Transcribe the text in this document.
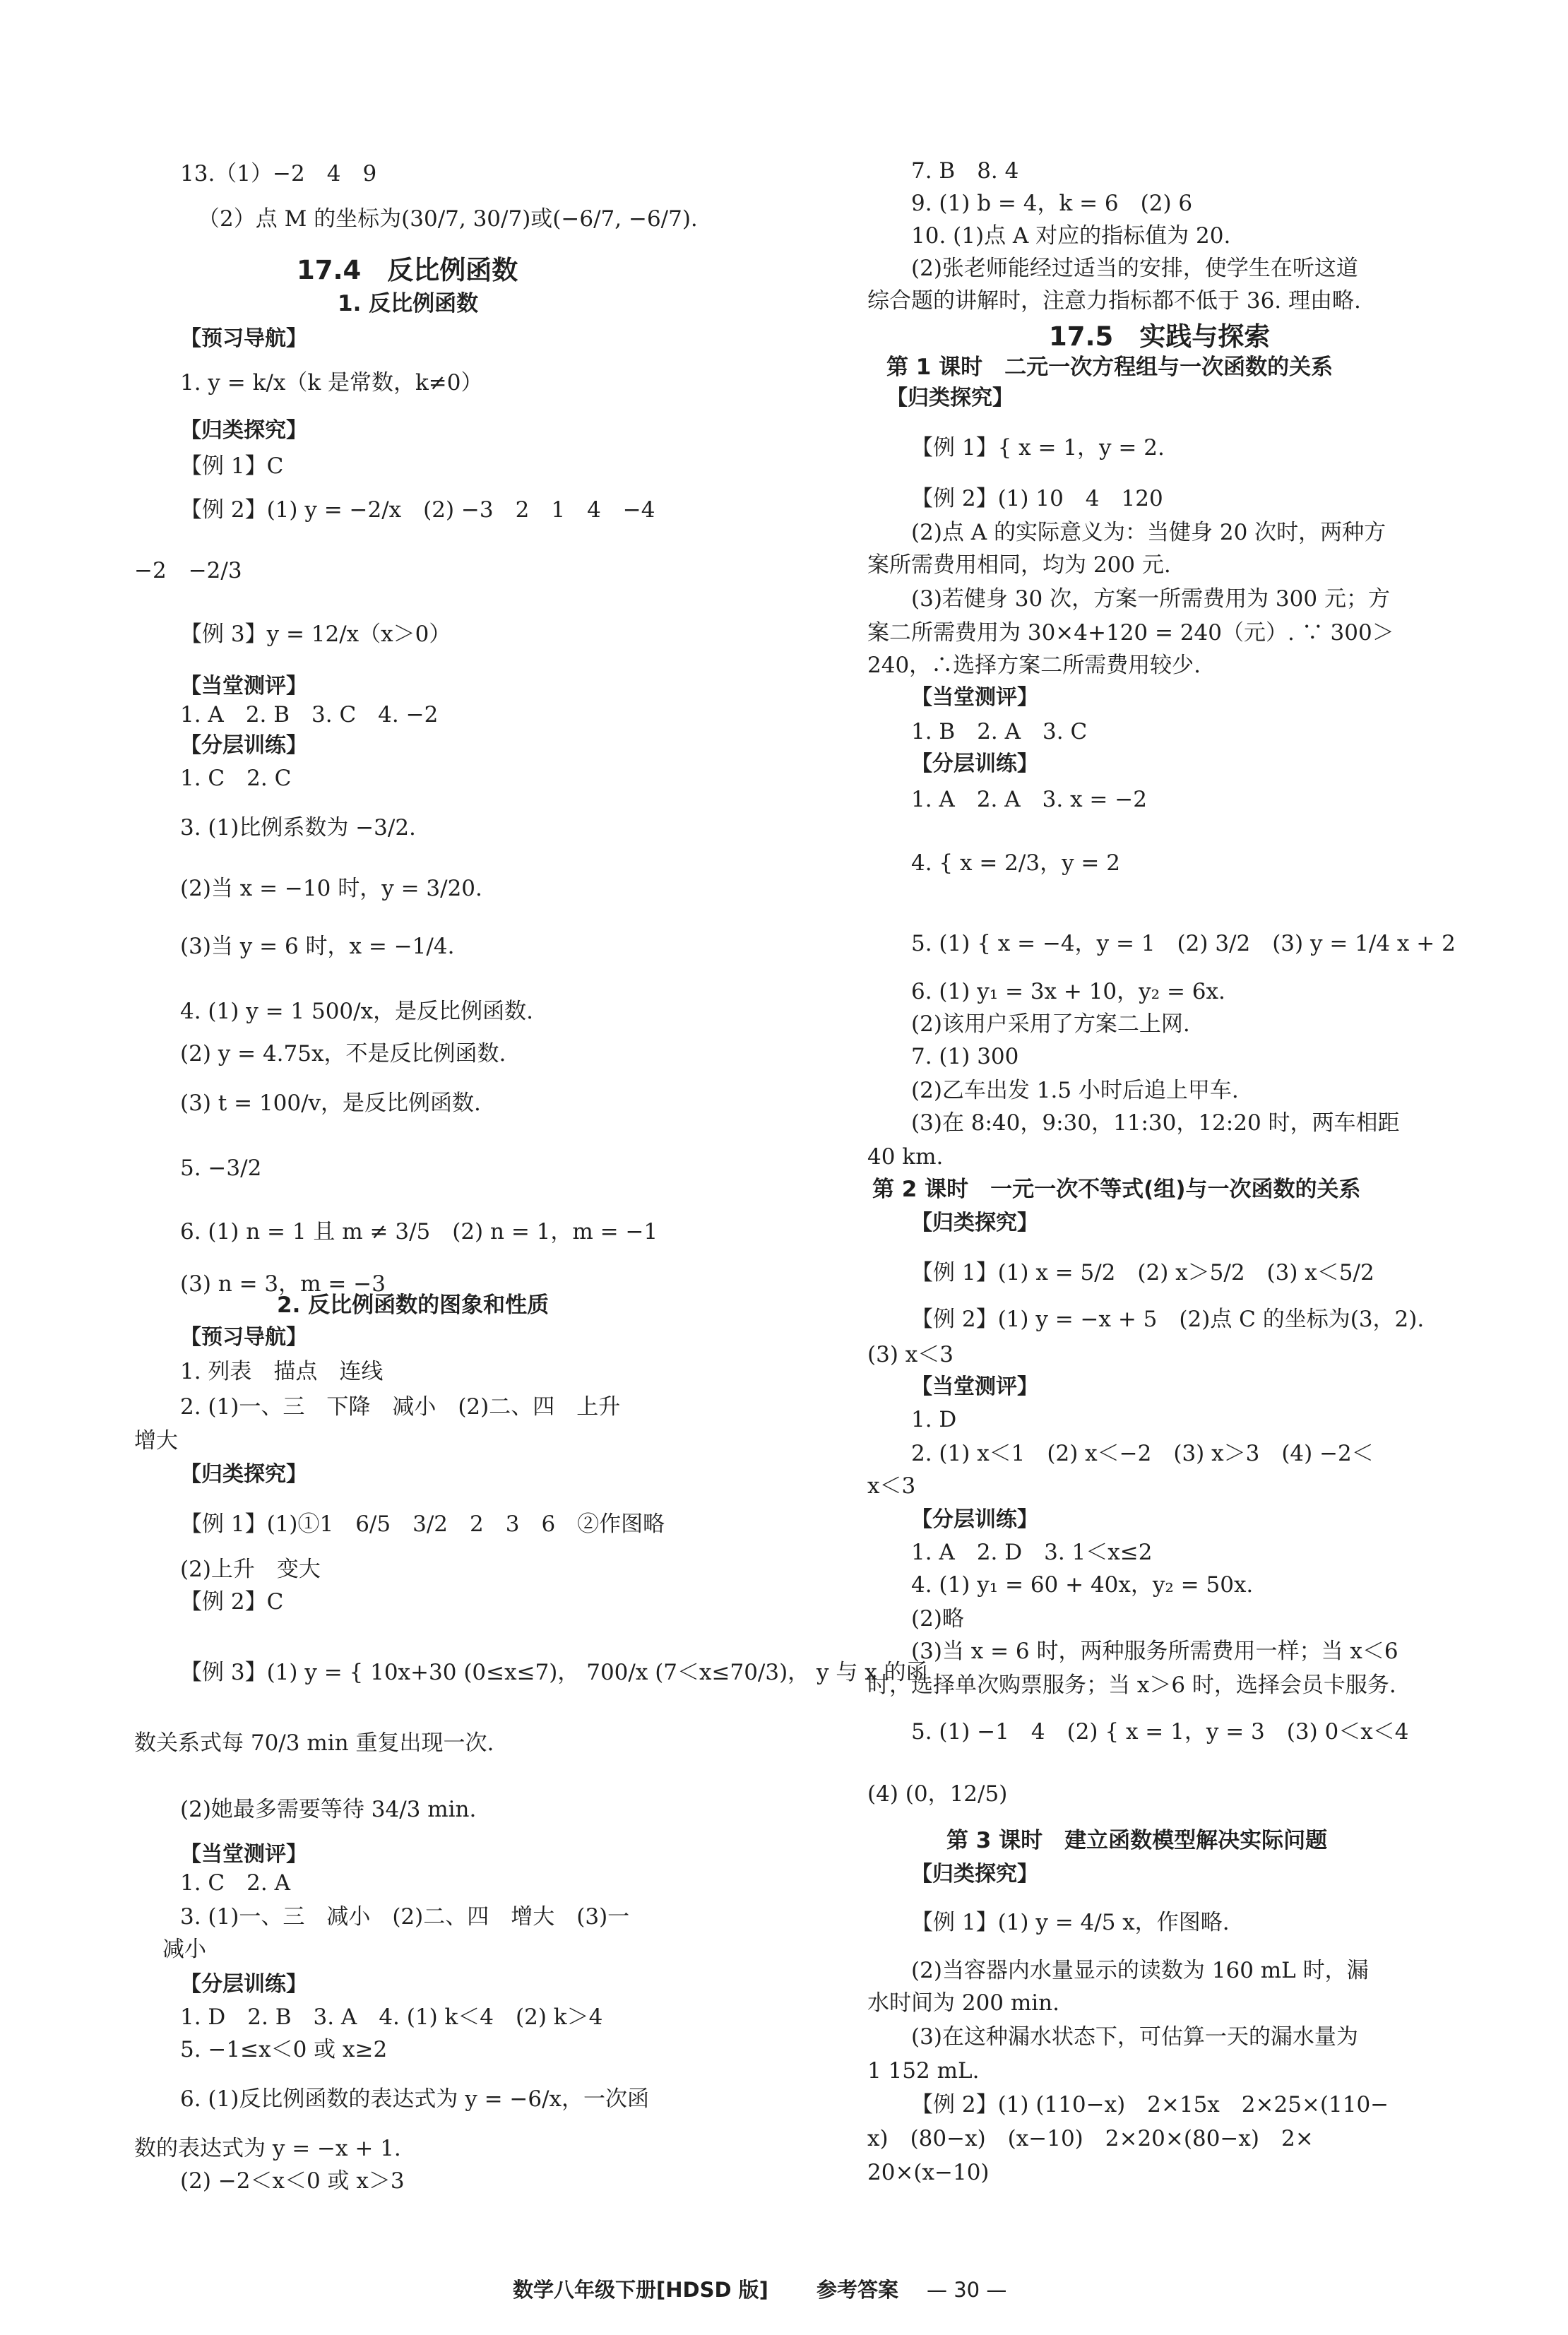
13.（1）−2　4　9
（2）点 M 的坐标为(30/7, 30/7)或(−6/7, −6/7).
17.4　反比例函数
1. 反比例函数
【预习导航】
1. y = k/x（k 是常数，k≠0）
【归类探究】
【例 1】C
【例 2】(1) y = −2/x　(2) −3　2　1　4　−4
−2　−2/3
【例 3】y = 12/x（x＞0）
【当堂测评】
1. A　2. B　3. C　4. −2
【分层训练】
1. C　2. C
3. (1)比例系数为 −3/2.
(2)当 x = −10 时，y = 3/20.
(3)当 y = 6 时，x = −1/4.
4. (1) y = 1 500/x，是反比例函数.
(2) y = 4.75x，不是反比例函数.
(3) t = 100/v，是反比例函数.
5. −3/2
6. (1) n = 1 且 m ≠ 3/5　(2) n = 1，m = −1
(3) n = 3，m = −3
2. 反比例函数的图象和性质
【预习导航】
1. 列表　描点　连线
2. (1)一、三　下降　减小　(2)二、四　上升
增大
【归类探究】
【例 1】(1)①1　6/5　3/2　2　3　6　②作图略
(2)上升　变大
【例 2】C
【例 3】(1) y = { 10x+30 (0≤x≤7)， 700/x (7＜x≤70/3)， y 与 x 的函
数关系式每 70/3 min 重复出现一次.
(2)她最多需要等待 34/3 min.
【当堂测评】
1. C　2. A
3. (1)一、三　减小　(2)二、四　增大　(3)一
减小
【分层训练】
1. D　2. B　3. A　4. (1) k＜4　(2) k＞4
5. −1≤x＜0 或 x≥2
6. (1)反比例函数的表达式为 y = −6/x，一次函
数的表达式为 y = −x + 1.
(2) −2＜x＜0 或 x＞3
7. B　8. 4
9. (1) b = 4，k = 6　(2) 6
10. (1)点 A 对应的指标值为 20.
(2)张老师能经过适当的安排，使学生在听这道
综合题的讲解时，注意力指标都不低于 36. 理由略.
17.5　实践与探索
第 1 课时　二元一次方程组与一次函数的关系
【归类探究】
【例 1】{ x = 1，y = 2.
【例 2】(1) 10　4　120
(2)点 A 的实际意义为：当健身 20 次时，两种方
案所需费用相同，均为 200 元.
(3)若健身 30 次，方案一所需费用为 300 元；方
案二所需费用为 30×4+120 = 240（元）. ∵ 300＞
240，∴选择方案二所需费用较少.
【当堂测评】
1. B　2. A　3. C
【分层训练】
1. A　2. A　3. x = −2
4. { x = 2/3，y = 2
5. (1) { x = −4，y = 1　(2) 3/2　(3) y = 1/4 x + 2
6. (1) y₁ = 3x + 10，y₂ = 6x.
(2)该用户采用了方案二上网.
7. (1) 300
(2)乙车出发 1.5 小时后追上甲车.
(3)在 8:40，9:30，11:30，12:20 时，两车相距
40 km.
第 2 课时　一元一次不等式(组)与一次函数的关系
【归类探究】
【例 1】(1) x = 5/2　(2) x＞5/2　(3) x＜5/2
【例 2】(1) y = −x + 5　(2)点 C 的坐标为(3，2).
(3) x＜3
【当堂测评】
1. D
2. (1) x＜1　(2) x＜−2　(3) x＞3　(4) −2＜
x＜3
【分层训练】
1. A　2. D　3. 1＜x≤2
4. (1) y₁ = 60 + 40x，y₂ = 50x.
(2)略
(3)当 x = 6 时，两种服务所需费用一样；当 x＜6
时，选择单次购票服务；当 x＞6 时，选择会员卡服务.
5. (1) −1　4　(2) { x = 1，y = 3　(3) 0＜x＜4
(4) (0，12/5)
第 3 课时　建立函数模型解决实际问题
【归类探究】
【例 1】(1) y = 4/5 x，作图略.
(2)当容器内水量显示的读数为 160 mL 时，漏
水时间为 200 min.
(3)在这种漏水状态下，可估算一天的漏水量为
1 152 mL.
【例 2】(1) (110−x)　2×15x　2×25×(110−
x)　(80−x)　(x−10)　2×20×(80−x)　2×
20×(x−10)
数学八年级下册[HDSD 版] 参考答案 — 30 —
